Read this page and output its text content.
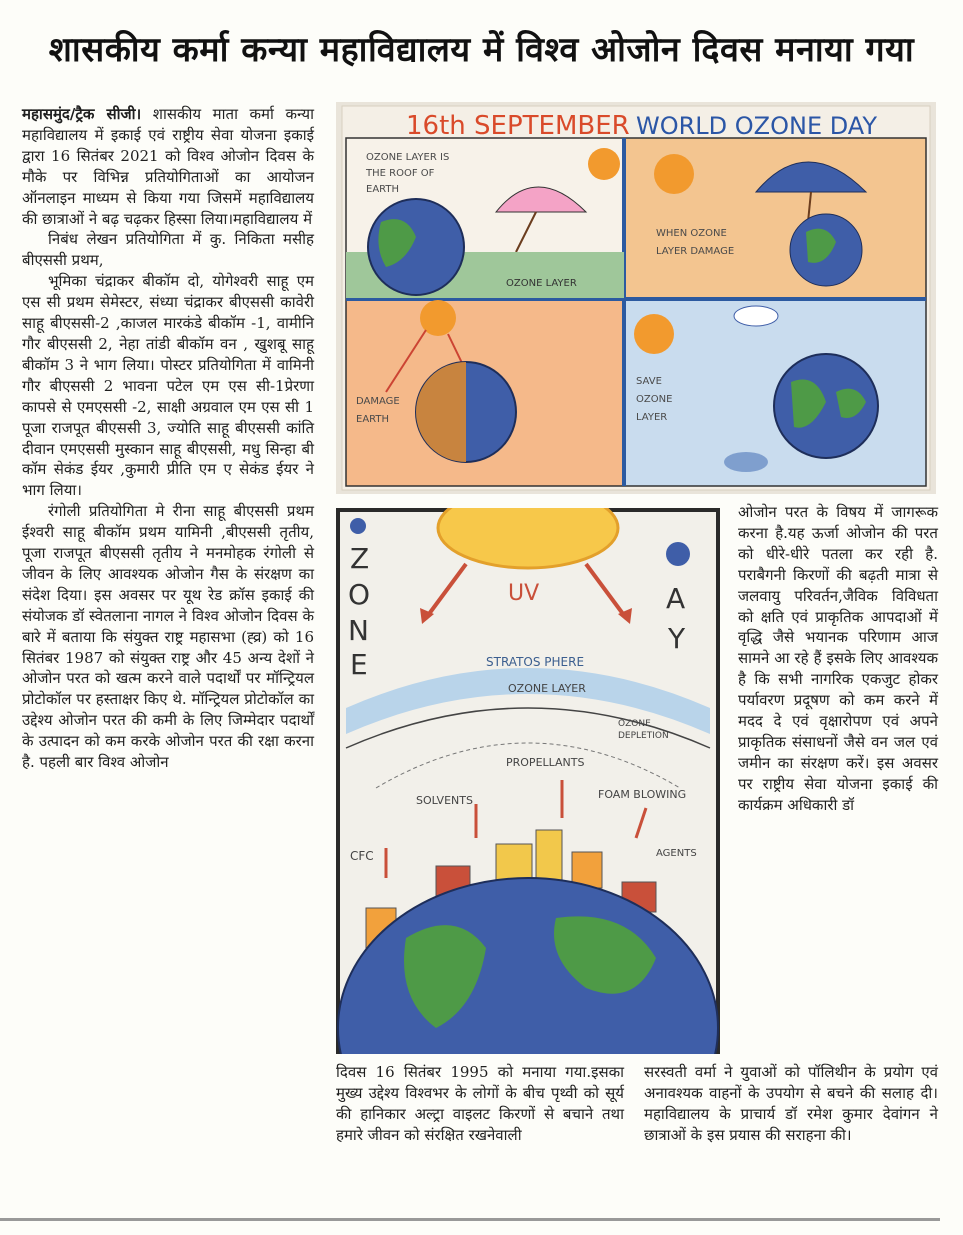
शासकीय कर्मा कन्या महाविद्यालय में विश्व ओजोन दिवस मनाया गया

महासमुंद/ट्रैक सीजी। शासकीय माता कर्मा कन्या महाविद्यालय में इकाई एवं राष्ट्रीय सेवा योजना इकाई द्वारा 16 सितंबर 2021 को विश्व ओजोन दिवस के मौके पर विभिन्न प्रतियोगिताओं का आयोजन ऑनलाइन माध्यम से किया गया जिसमें महाविद्यालय की छात्राओं ने बढ़ चढ़कर हिस्सा लिया।महाविद्यालय में

निबंध लेखन प्रतियोगिता में कु. निकिता मसीह बीएससी प्रथम,

भूमिका चंद्राकर बीकॉम दो, योगेश्वरी साहू एम एस सी प्रथम सेमेस्टर, संध्या चंद्राकर बीएससी कावेरी साहू बीएससी-2 ,काजल मारकंडे बीकॉम -1, वामीनि गौर बीएससी 2, नेहा तांडी बीकॉम वन , खुशबू साहू बीकॉम 3 ने भाग लिया। पोस्टर प्रतियोगिता में वामिनी गौर बीएससी 2 भावना पटेल एम एस सी-1प्रेरणा कापसे से एमएससी -2, साक्षी अग्रवाल एम एस सी 1 पूजा राजपूत बीएससी 3, ज्योति साहू बीएससी कांति दीवान एमएससी मुस्कान साहू बीएससी, मधु सिन्हा बी कॉम सेकंड ईयर ,कुमारी प्रीति एम ए सेकंड ईयर ने भाग लिया।

रंगोली प्रतियोगिता मे रीना साहू बीएससी प्रथम ईश्वरी साहू बीकॉम प्रथम यामिनी ,बीएससी तृतीय, पूजा राजपूत बीएससी तृतीय ने मनमोहक रंगोली से जीवन के लिए आवश्यक ओजोन गैस के संरक्षण का संदेश दिया। इस अवसर पर यूथ रेड क्रॉस इकाई की संयोजक डॉ स्वेतलाना नागल ने विश्व ओजोन दिवस के बारे में बताया कि संयुक्त राष्ट्र महासभा (ह्व्र) को 16 सितंबर 1987 को संयुक्त राष्ट्र और 45 अन्य देशों ने ओजोन परत को खत्म करने वाले पदार्थों पर मॉन्ट्रियल प्रोटोकॉल पर हस्ताक्षर किए थे. मॉन्ट्रियल प्रोटोकॉल का उद्देश्य ओजोन परत की कमी के लिए जिम्मेदार पदार्थों के उत्पादन को कम करके ओजोन परत की रक्षा करना है. पहली बार विश्व ओजोन

16th SEPTEMBER WORLD OZONE DAY
OZONE LAYER IS
THE ROOF OF
EARTH
OZONE LAYER
WHEN OZONE
LAYER DAMAGE
DAMAGE
EARTH
SAVE
OZONE
LAYER
Z
O
N
E
A
Y
UV
STRATOS PHERE
OZONE LAYER
OZONE
DEPLETION
PROPELLANTS
SOLVENTS	FOAM BLOWING
AGENTS
CFC

ओजोन परत के विषय में जागरूक करना है.यह ऊर्जा ओजोन की परत को धीरे-धीरे पतला कर रही है. पराबैगनी किरणों की बढ़ती मात्रा से जलवायु परिवर्तन,जैविक विविधता को क्षति एवं प्राकृतिक आपदाओं में वृद्धि जैसे भयानक परिणाम आज सामने आ रहे हैं इसके लिए आवश्यक है कि सभी नागरिक एकजुट होकर पर्यावरण प्रदूषण को कम करने में मदद दे एवं वृक्षारोपण एवं अपने प्राकृतिक संसाधनों जैसे वन जल एवं जमीन का संरक्षण करें। इस अवसर पर राष्ट्रीय सेवा योजना इकाई की कार्यक्रम अधिकारी डॉ

दिवस 16 सितंबर 1995 को मनाया गया.इसका मुख्य उद्देश्य विश्वभर के लोगों के बीच पृथ्वी को सूर्य की हानिकार अल्ट्रा वाइलट किरणों से बचाने तथा हमारे जीवन को संरक्षित रखनेवाली

सरस्वती वर्मा ने युवाओं को पॉलिथीन के प्रयोग एवं अनावश्यक वाहनों के उपयोग से बचने की सलाह दी। महाविद्यालय के प्राचार्य डॉ रमेश कुमार देवांगन ने छात्राओं के इस प्रयास की सराहना की।
